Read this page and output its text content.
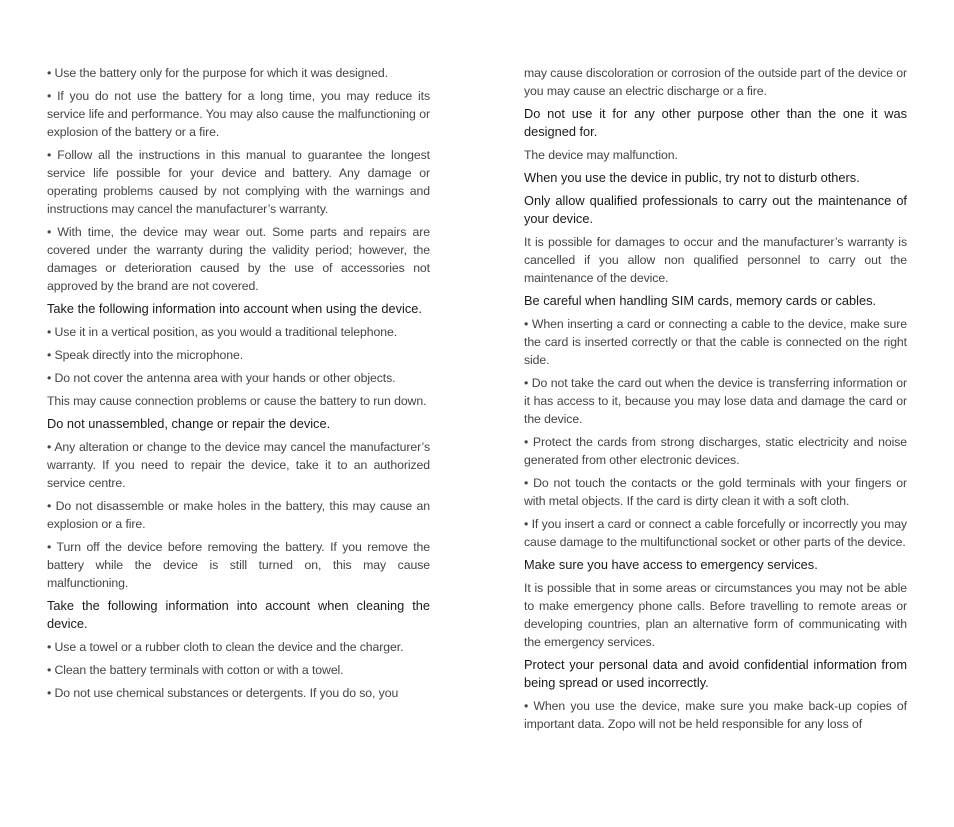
• Use the battery only for the purpose for which it was designed.

• If you do not use the battery for a long time, you may reduce its service life and performance. You may also cause the malfunctioning or explosion of the battery or a fire.

• Follow all the instructions in this manual to guarantee the longest service life possible for your device and battery. Any damage or operating problems caused by not complying with the warnings and instructions may cancel the manufacturer’s warranty.

• With time, the device may wear out. Some parts and repairs are covered under the warranty during the validity period; however, the damages or deterioration caused by the use of accessories not approved by the brand are not covered.

Take the following information into account when using the device.

• Use it in a vertical position, as you would a traditional telephone.

• Speak directly into the microphone.

• Do not cover the antenna area with your hands or other objects.

This may cause connection problems or cause the battery to run down.

Do not unassembled, change or repair the device.

• Any alteration or change to the device may cancel the manufacturer’s warranty. If you need to repair the device, take it to an authorized service centre.

• Do not disassemble or make holes in the battery, this may cause an explosion or a fire.

• Turn off the device before removing the battery. If you remove the battery while the device is still turned on, this may cause malfunctioning.

Take the following information into account when cleaning the device.

• Use a towel or a rubber cloth to clean the device and the charger.

• Clean the battery terminals with cotton or with a towel.

• Do not use chemical substances or detergents. If you do so, you

may cause discoloration or corrosion of the outside part of the device or you may cause an electric discharge or a fire.

Do not use it for any other purpose other than the one it was designed for.

The device may malfunction.

When you use the device in public, try not to disturb others.

Only allow qualified professionals to carry out the maintenance of your device.

It is possible for damages to occur and the manufacturer’s warranty is cancelled if you allow non qualified personnel to carry out the maintenance of the device.

Be careful when handling SIM cards, memory cards or cables.

• When inserting a card or connecting a cable to the device, make sure the card is inserted correctly or that the cable is connected on the right side.

• Do not take the card out when the device is transferring information or it has access to it, because you may lose data and damage the card or the device.

• Protect the cards from strong discharges, static electricity and noise generated from other electronic devices.

• Do not touch the contacts or the gold terminals with your fingers or with metal objects. If the card is dirty clean it with a soft cloth.

• If you insert a card or connect a cable forcefully or incorrectly you may cause damage to the multifunctional socket or other parts of the device.

Make sure you have access to emergency services.

It is possible that in some areas or circumstances you may not be able to make emergency phone calls. Before travelling to remote areas or developing countries, plan an alternative form of communicating with the emergency services.

Protect your personal data and avoid confidential information from being spread or used incorrectly.

• When you use the device, make sure you make back-up copies of important data. Zopo will not be held responsible for any loss of
